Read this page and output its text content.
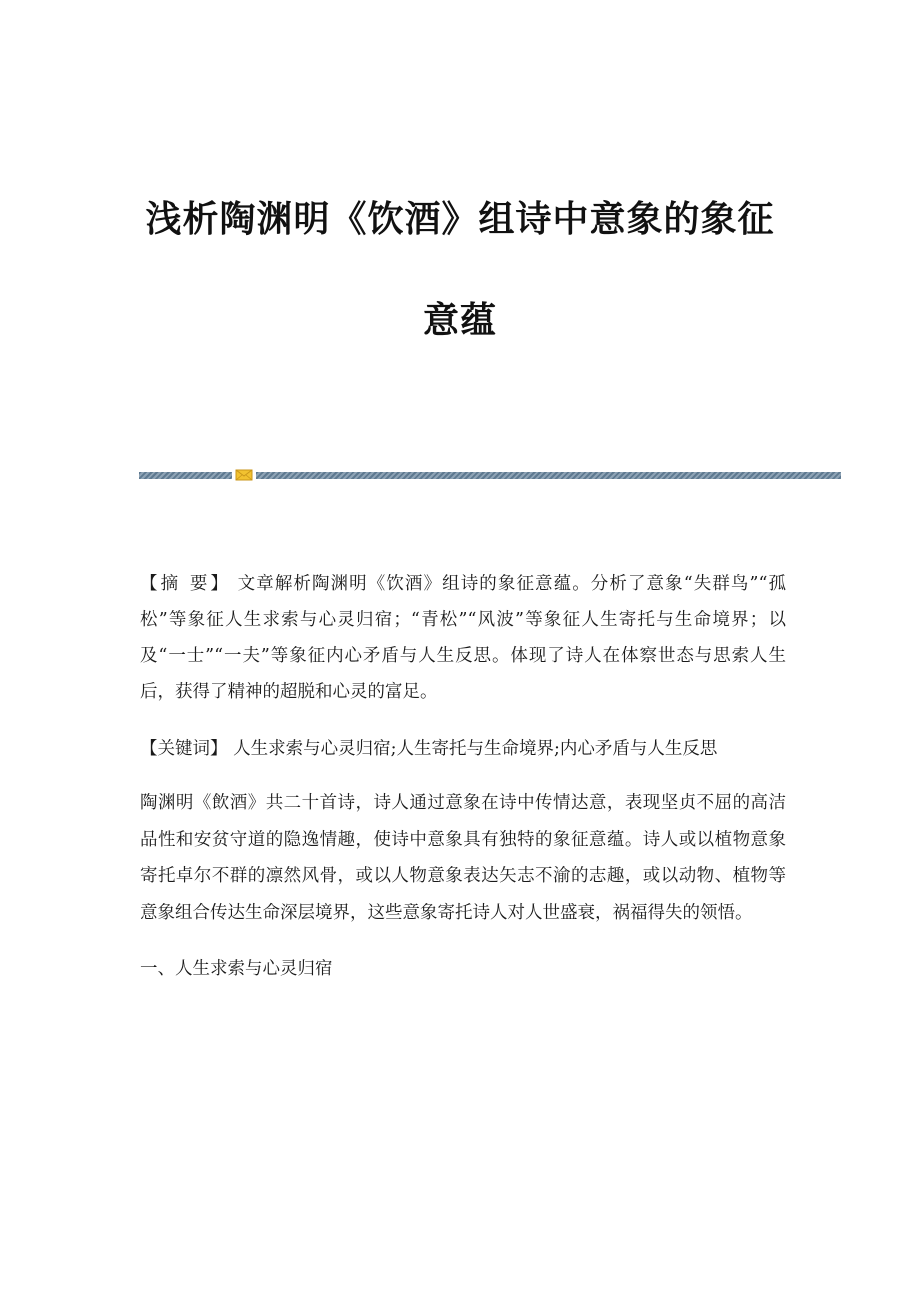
浅析陶渊明《饮酒》组诗中意象的象征
意蕴

【摘 要】 文章解析陶渊明《饮酒》组诗的象征意蕴。分析了意象“失群鸟”“孤松”等象征人生求索与心灵归宿；“青松”“风波”等象征人生寄托与生命境界；以及“一士”“一夫”等象征内心矛盾与人生反思。体现了诗人在体察世态与思索人生后，获得了精神的超脱和心灵的富足。

【关键词】 人生求索与心灵归宿;人生寄托与生命境界;内心矛盾与人生反思

陶渊明《飲酒》共二十首诗，诗人通过意象在诗中传情达意，表现坚贞不屈的高洁品性和安贫守道的隐逸情趣，使诗中意象具有独特的象征意蕴。诗人或以植物意象寄托卓尔不群的凛然风骨，或以人物意象表达矢志不渝的志趣，或以动物、植物等意象组合传达生命深层境界，这些意象寄托诗人对人世盛衰，祸福得失的领悟。

一、人生求索与心灵归宿
